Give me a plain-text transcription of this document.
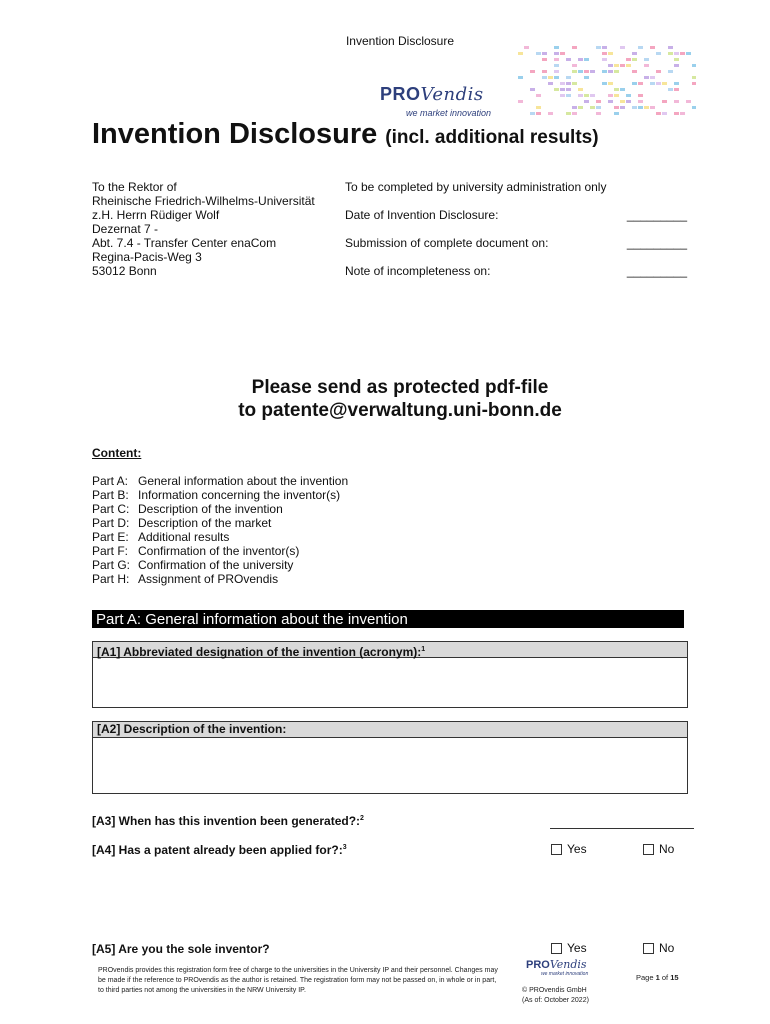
Invention Disclosure
PROVendis
we market innovation
Invention Disclosure (incl. additional results)
To the Rektor of
Rheinische Friedrich-Wilhelms-Universität
z.H. Herrn Rüdiger Wolf
Dezernat 7 -
Abt. 7.4 - Transfer Center enaCom
Regina-Pacis-Weg 3
53012 Bonn
To be completed by university administration only
Date of Invention Disclosure:	_________
Submission of complete document on:	_________
Note of incompleteness on:	_________
Please send as protected pdf-file
to patente@verwaltung.uni-bonn.de
Content:
Part A: General information about the invention
Part B: Information concerning the inventor(s)
Part C: Description of the invention
Part D: Description of the market
Part E: Additional results
Part F: Confirmation of the inventor(s)
Part G: Confirmation of the university
Part H: Assignment of PROvendis
Part A: General information about the invention
[A1] Abbreviated designation of the invention (acronym):$^1$
[A2] Description of the invention:
[A3] When has this invention been generated?:$^2$
[A4] Has a patent already been applied for?:$^3$	Yes	No
[A5] Are you the sole inventor?	Yes	No
PROvendis provides this registration form free of charge to the universities in the University IP and their personnel. Changes may be made if the reference to PROvendis as the author is retained. The registration form may not be passed on, in whole or in part, to third parties not among the universities in the NRW University IP.
PROVendis
we market innovation
© PROvendis GmbH
(As of: October 2022)
Page 1 of 15
